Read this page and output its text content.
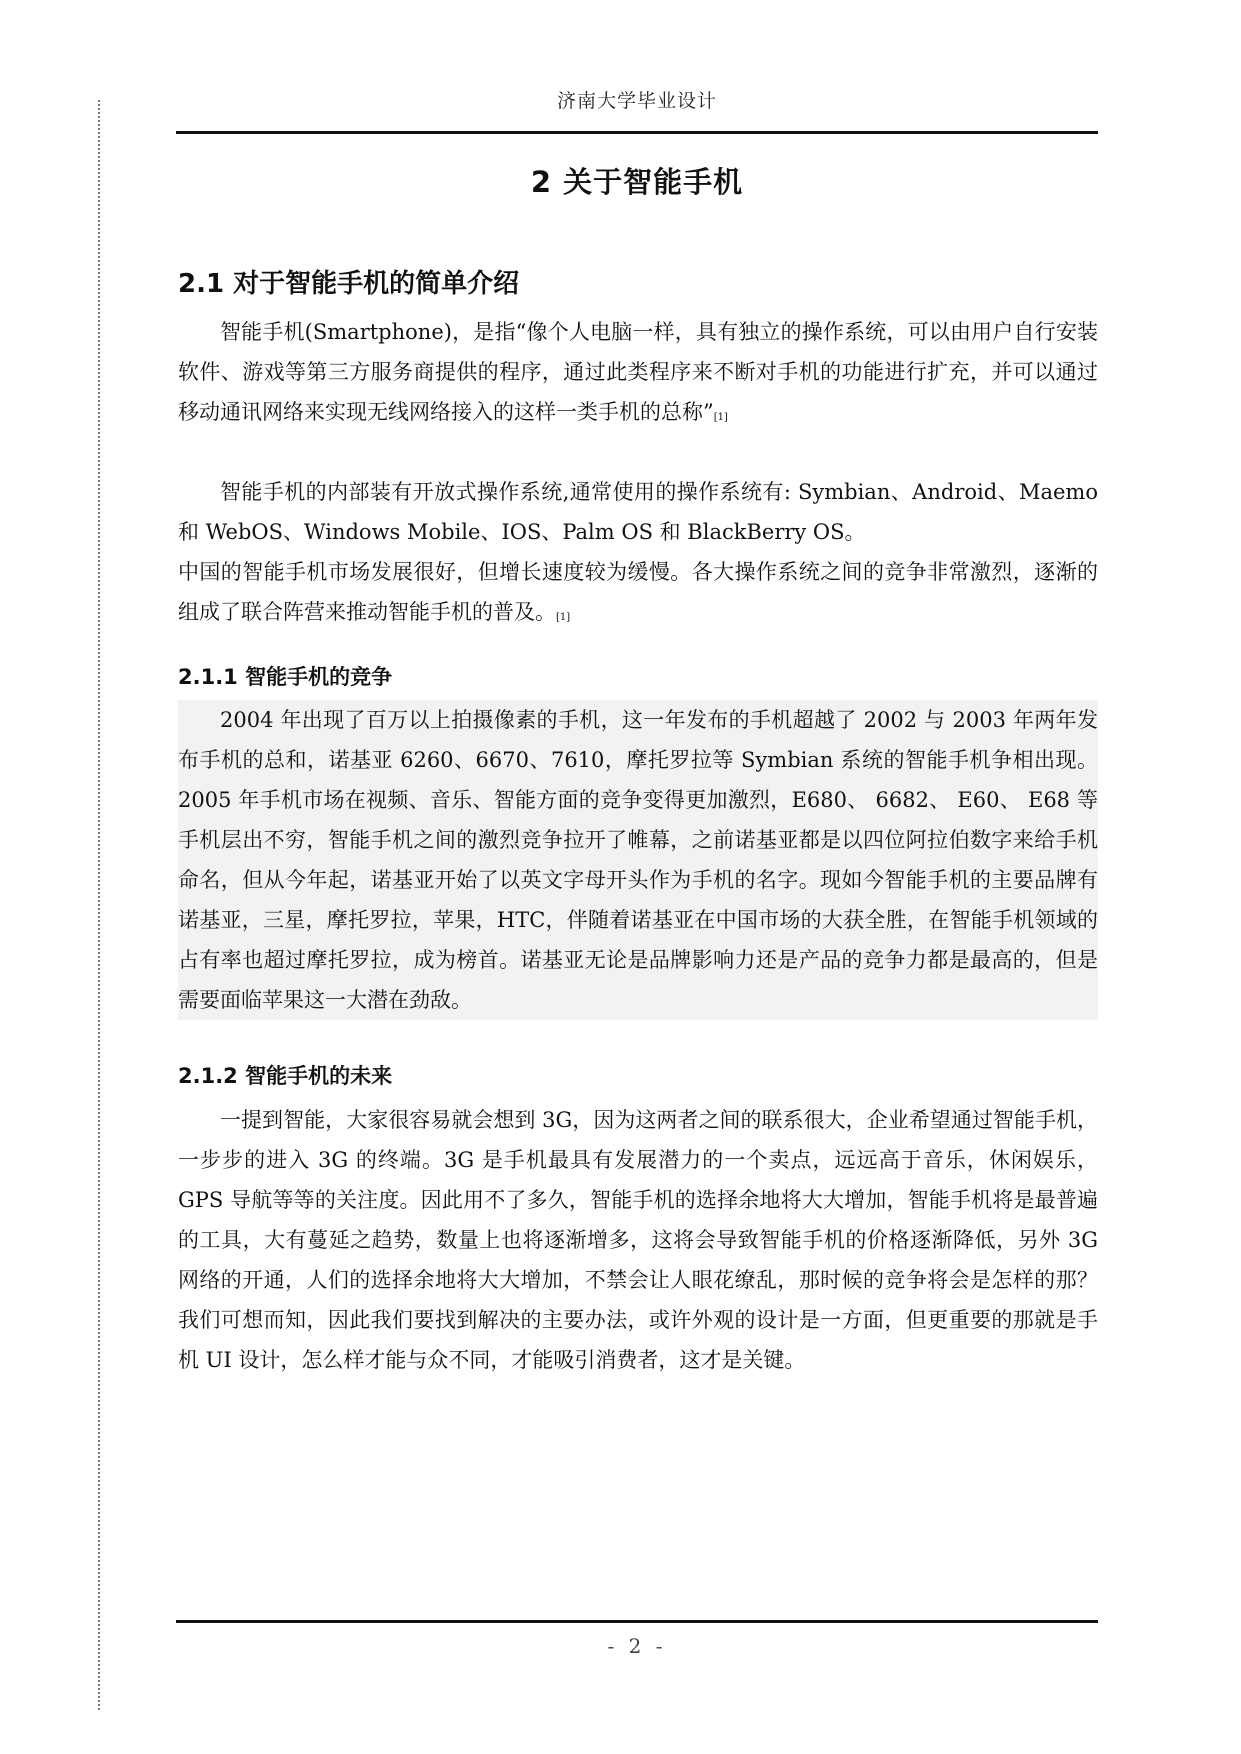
济南大学毕业设计
2 关于智能手机
2.1 对于智能手机的简单介绍

智能手机(Smartphone)，是指“像个人电脑一样，具有独立的操作系统，可以由用户自行安装软件、游戏等第三方服务商提供的程序，通过此类程序来不断对手机的功能进行扩充，并可以通过移动通讯网络来实现无线网络接入的这样一类手机的总称”[1]

智能手机的内部装有开放式操作系统,通常使用的操作系统有: Symbian、Android、Maemo 和 WebOS、Windows Mobile、IOS、Palm OS 和 BlackBerry OS。

中国的智能手机市场发展很好，但增长速度较为缓慢。各大操作系统之间的竞争非常激烈，逐渐的组成了联合阵营来推动智能手机的普及。[1]

2.1.1 智能手机的竞争

2004 年出现了百万以上拍摄像素的手机，这一年发布的手机超越了 2002 与 2003 年两年发布手机的总和，诺基亚 6260、6670、7610，摩托罗拉等 Symbian 系统的智能手机争相出现。2005 年手机市场在视频、音乐、智能方面的竞争变得更加激烈，E680、 6682、 E60、 E68 等手机层出不穷，智能手机之间的激烈竞争拉开了帷幕，之前诺基亚都是以四位阿拉伯数字来给手机命名，但从今年起，诺基亚开始了以英文字母开头作为手机的名字。现如今智能手机的主要品牌有诺基亚，三星，摩托罗拉，苹果，HTC，伴随着诺基亚在中国市场的大获全胜，在智能手机领域的占有率也超过摩托罗拉，成为榜首。诺基亚无论是品牌影响力还是产品的竞争力都是最高的，但是需要面临苹果这一大潜在劲敌。

2.1.2 智能手机的未来

一提到智能，大家很容易就会想到 3G，因为这两者之间的联系很大，企业希望通过智能手机，一步步的进入 3G 的终端。3G 是手机最具有发展潜力的一个卖点，远远高于音乐，休闲娱乐，GPS 导航等等的关注度。因此用不了多久，智能手机的选择余地将大大增加，智能手机将是最普遍的工具，大有蔓延之趋势，数量上也将逐渐增多，这将会导致智能手机的价格逐渐降低，另外 3G 网络的开通，人们的选择余地将大大增加，不禁会让人眼花缭乱，那时候的竞争将会是怎样的那？我们可想而知，因此我们要找到解决的主要办法，或许外观的设计是一方面，但更重要的那就是手机 UI 设计，怎么样才能与众不同，才能吸引消费者，这才是关键。

- 2 -
